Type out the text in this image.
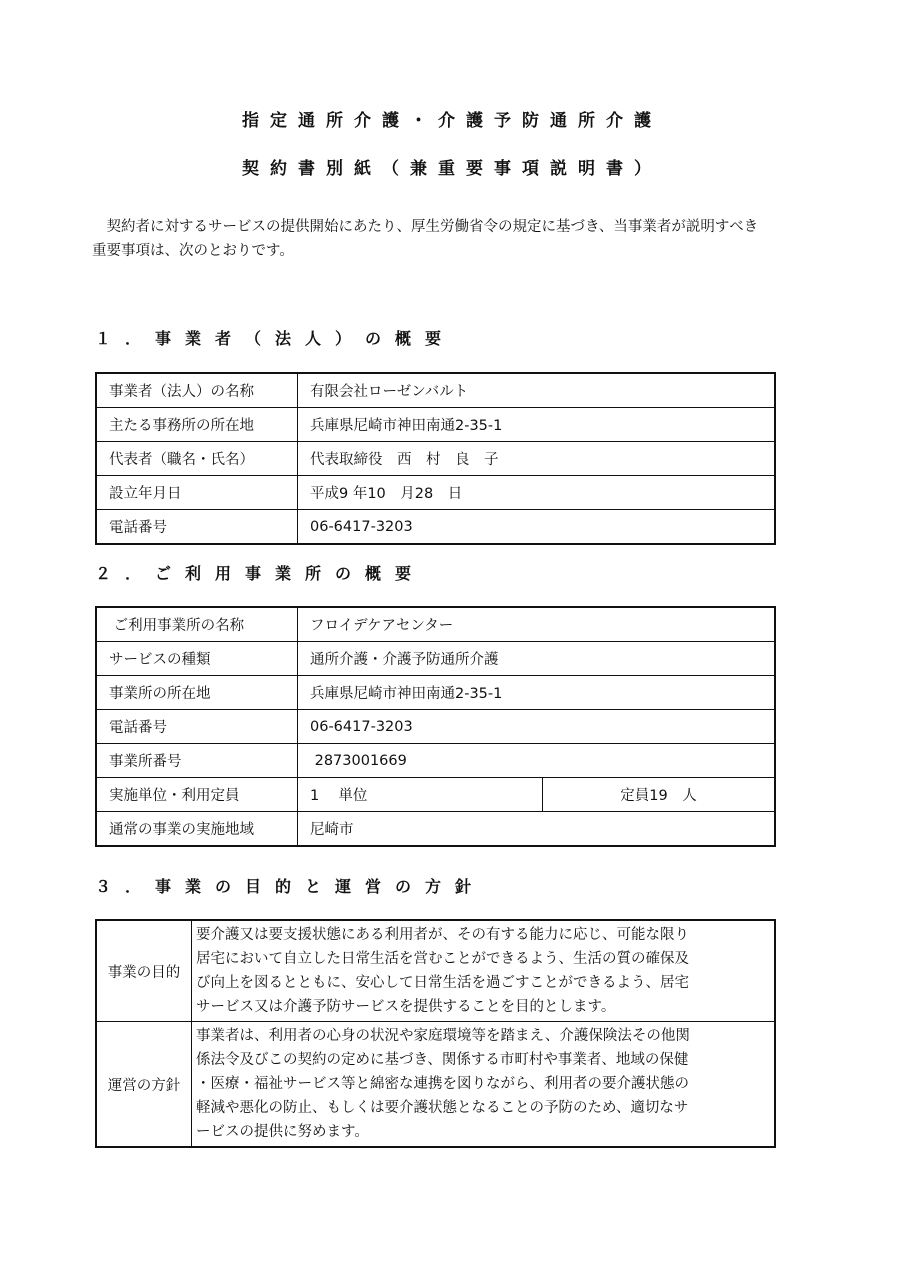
指定通所介護・介護予防通所介護
契約書別紙（兼重要事項説明書）
　契約者に対するサービスの提供開始にあたり、厚生労働省令の規定に基づき、当事業者が説明すべき
重要事項は、次のとおりです。
１．事業者（法人）の概要
事業者（法人）の名称	有限会社ローゼンバルト
主たる事務所の所在地	兵庫県尼崎市神田南通2-35-1
代表者（職名・氏名）	代表取締役　西　村　良　子
設立年月日	平成9 年10　月28　日
電話番号	06-6417-3203
２．ご利用事業所の概要
ご利用事業所の名称	フロイデケアセンター	
サービスの種類	通所介護・介護予防通所介護	
事業所の所在地	兵庫県尼崎市神田南通2-35-1	
電話番号	06-6417-3203	
事業所番号	2873001669	
実施単位・利用定員	1　 単位	定員19　人
通常の事業の実施地域	尼崎市	
３．事業の目的と運営の方針
事業の目的	要介護又は要支援状態にある利用者が、その有する能力に応じ、可能な限り
居宅において自立した日常生活を営むことができるよう、生活の質の確保及
び向上を図るとともに、安心して日常生活を過ごすことができるよう、居宅
サービス又は介護予防サービスを提供することを目的とします。

運営の方針	事業者は、利用者の心身の状況や家庭環境等を踏まえ、介護保険法その他関
係法令及びこの契約の定めに基づき、関係する市町村や事業者、地域の保健
・医療・福祉サービス等と綿密な連携を図りながら、利用者の要介護状態の
軽減や悪化の防止、もしくは要介護状態となることの予防のため、適切なサ
ービスの提供に努めます。
